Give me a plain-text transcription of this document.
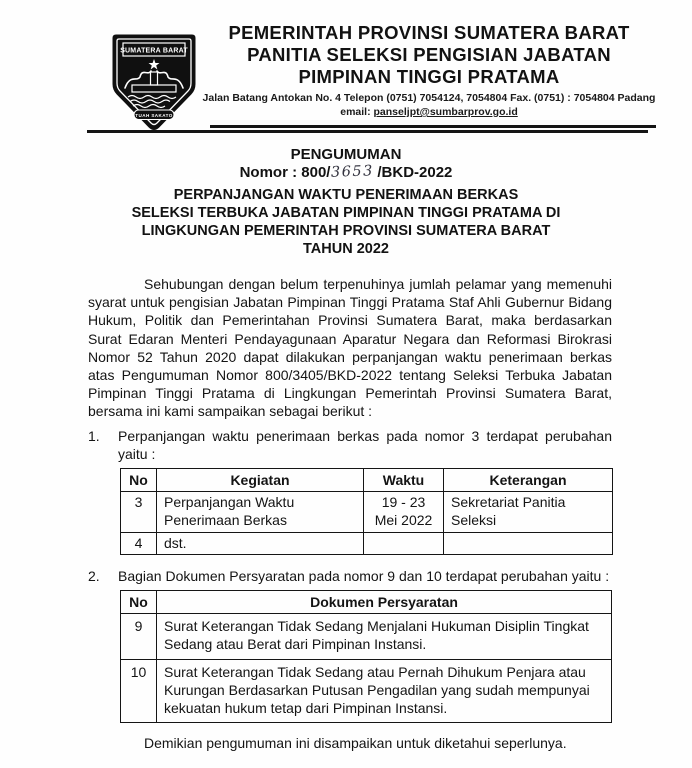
SUMATERA BARAT
TUAH SAKATO
PEMERINTAH PROVINSI SUMATERA BARAT
PANITIA SELEKSI PENGISIAN JABATAN
PIMPINAN TINGGI PRATAMA
Jalan Batang Antokan No. 4 Telepon (0751) 7054124, 7054804 Fax. (0751) : 7054804 Padang
email: panseljpt@sumbarprov.go.id
PENGUMUMAN
Nomor : 800/3653 /BKD-2022
PERPANJANGAN WAKTU PENERIMAAN BERKAS
SELEKSI TERBUKA JABATAN PIMPINAN TINGGI PRATAMA DI
LINGKUNGAN PEMERINTAH PROVINSI SUMATERA BARAT
TAHUN 2022

Sehubungan dengan belum terpenuhinya jumlah pelamar yang memenuhi syarat untuk pengisian Jabatan Pimpinan Tinggi Pratama Staf Ahli Gubernur Bidang Hukum, Politik dan Pemerintahan Provinsi Sumatera Barat, maka berdasarkan Surat Edaran Menteri Pendayagunaan Aparatur Negara dan Reformasi Birokrasi Nomor 52 Tahun 2020 dapat dilakukan perpanjangan waktu penerimaan berkas atas Pengumuman Nomor 800/3405/BKD-2022 tentang Seleksi Terbuka Jabatan Pimpinan Tinggi Pratama di Lingkungan Pemerintah Provinsi Sumatera Barat, bersama ini kami sampaikan sebagai berikut :

1.	Perpanjangan waktu penerimaan berkas pada nomor 3 terdapat perubahan yaitu :
No	Kegiatan	Waktu	Keterangan
3	Perpanjangan Waktu Penerimaan Berkas	19 - 23 Mei 2022	Sekretariat Panitia Seleksi
4	dst.		
2.	Bagian Dokumen Persyaratan pada nomor 9 dan 10 terdapat perubahan yaitu :
No	Dokumen Persyaratan
9	Surat Keterangan Tidak Sedang Menjalani Hukuman Disiplin Tingkat Sedang atau Berat dari Pimpinan Instansi.
10	Surat Keterangan Tidak Sedang atau Pernah Dihukum Penjara atau Kurungan Berdasarkan Putusan Pengadilan yang sudah mempunyai kekuatan hukum tetap dari Pimpinan Instansi.

Demikian pengumuman ini disampaikan untuk diketahui seperlunya.
